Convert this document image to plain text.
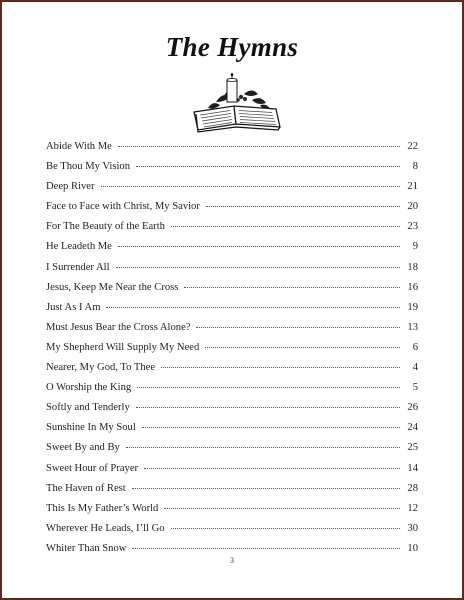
The Hymns
Abide With Me	22
Be Thou My Vision	8
Deep River	21
Face to Face with Christ, My Savior	20
For The Beauty of the Earth	23
He Leadeth Me	9
I Surrender All	18
Jesus, Keep Me Near the Cross	16
Just As I Am	19
Must Jesus Bear the Cross Alone?	13
My Shepherd Will Supply My Need	6
Nearer, My God, To Thee	4
O Worship the King	5
Softly and Tenderly	26
Sunshine In My Soul	24
Sweet By and By	25
Sweet Hour of Prayer	14
The Haven of Rest	28
This Is My Father’s World	12
Wherever He Leads, I’ll Go	30
Whiter Than Snow	10
3
